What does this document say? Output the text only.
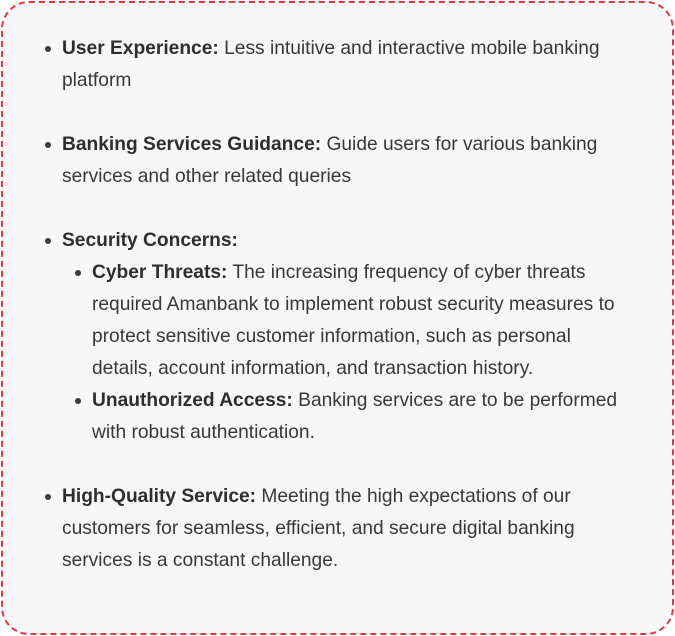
User Experience: Less intuitive and interactive mobile banking platform
Banking Services Guidance: Guide users for various banking services and other related queries
Security Concerns:
Cyber Threats: The increasing frequency of cyber threats required Amanbank to implement robust security measures to protect sensitive customer information, such as personal details, account information, and transaction history.
Unauthorized Access: Banking services are to be performed with robust authentication.
High-Quality Service: Meeting the high expectations of our customers for seamless, efficient, and secure digital banking services is a constant challenge.
